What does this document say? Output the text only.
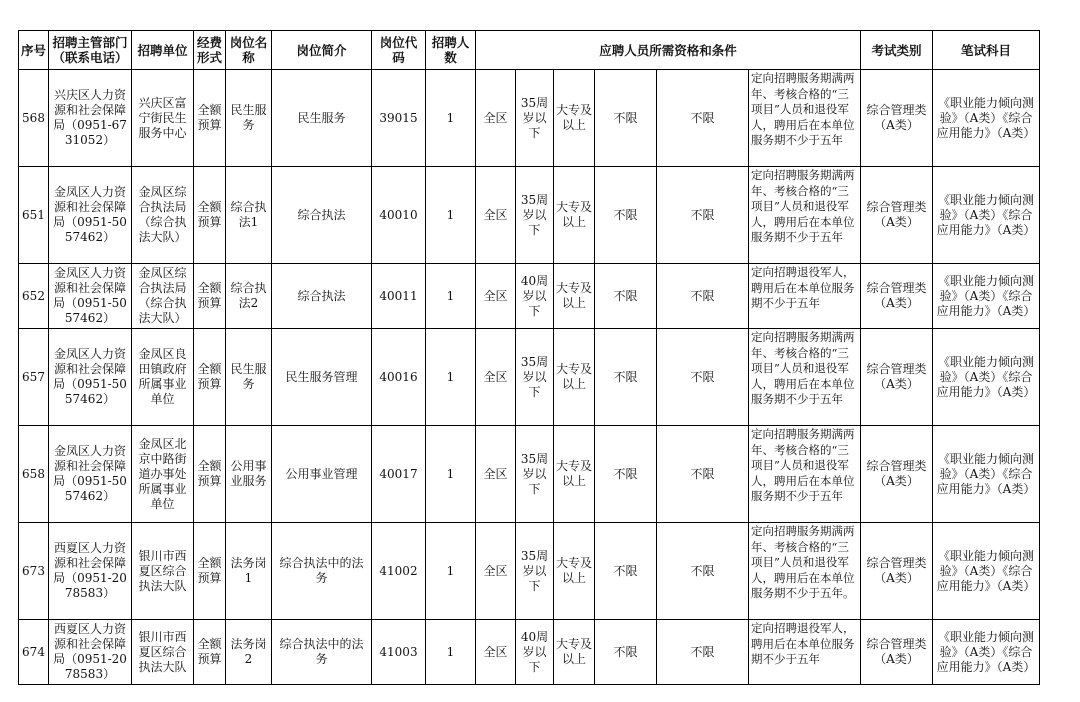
序号	招聘主管部门（联系电话）	招聘单位	经费形式	岗位名称	岗位简介	岗位代码	招聘人数	应聘人员所需资格和条件						考试类别	笔试科目
568	兴庆区人力资源和社会保障局（0951-6731052）	兴庆区富宁街民生服务中心	全额预算	民生服务	民生服务	39015	1	全区	35周岁以下	大专及以上	不限	不限	定向招聘服务期满两年、考核合格的“三项目”人员和退役军人，聘用后在本单位服务期不少于五年	综合管理类（A类）	《职业能力倾向测验》（A类）《综合应用能力》（A类）
651	金凤区人力资源和社会保障局（0951-5057462）	金凤区综合执法局（综合执法大队）	全额预算	综合执法1	综合执法	40010	1	全区	35周岁以下	大专及以上	不限	不限	定向招聘服务期满两年、考核合格的“三项目”人员和退役军人，聘用后在本单位服务期不少于五年	综合管理类（A类）	《职业能力倾向测验》（A类）《综合应用能力》（A类）
652	金凤区人力资源和社会保障局（0951-5057462）	金凤区综合执法局（综合执法大队）	全额预算	综合执法2	综合执法	40011	1	全区	40周岁以下	大专及以上	不限	不限	定向招聘退役军人，聘用后在本单位服务期不少于五年	综合管理类（A类）	《职业能力倾向测验》（A类）《综合应用能力》（A类）
657	金凤区人力资源和社会保障局（0951-5057462）	金凤区良田镇政府所属事业单位	全额预算	民生服务	民生服务管理	40016	1	全区	35周岁以下	大专及以上	不限	不限	定向招聘服务期满两年、考核合格的“三项目”人员和退役军人，聘用后在本单位服务期不少于五年	综合管理类（A类）	《职业能力倾向测验》（A类）《综合应用能力》（A类）
658	金凤区人力资源和社会保障局（0951-5057462）	金凤区北京中路街道办事处所属事业单位	全额预算	公用事业服务	公用事业管理	40017	1	全区	35周岁以下	大专及以上	不限	不限	定向招聘服务期满两年、考核合格的“三项目”人员和退役军人，聘用后在本单位服务期不少于五年	综合管理类（A类）	《职业能力倾向测验》（A类）《综合应用能力》（A类）
673	西夏区人力资源和社会保障局（0951-2078583）	银川市西夏区综合执法大队	全额预算	法务岗1	综合执法中的法务	41002	1	全区	35周岁以下	大专及以上	不限	不限	定向招聘服务期满两年、考核合格的“三项目”人员和退役军人，聘用后在本单位服务期不少于五年。	综合管理类（A类）	《职业能力倾向测验》（A类）《综合应用能力》（A类）
674	西夏区人力资源和社会保障局（0951-2078583）	银川市西夏区综合执法大队	全额预算	法务岗2	综合执法中的法务	41003	1	全区	40周岁以下	大专及以上	不限	不限	定向招聘退役军人，聘用后在本单位服务期不少于五年	综合管理类（A类）	《职业能力倾向测验》（A类）《综合应用能力》（A类）
